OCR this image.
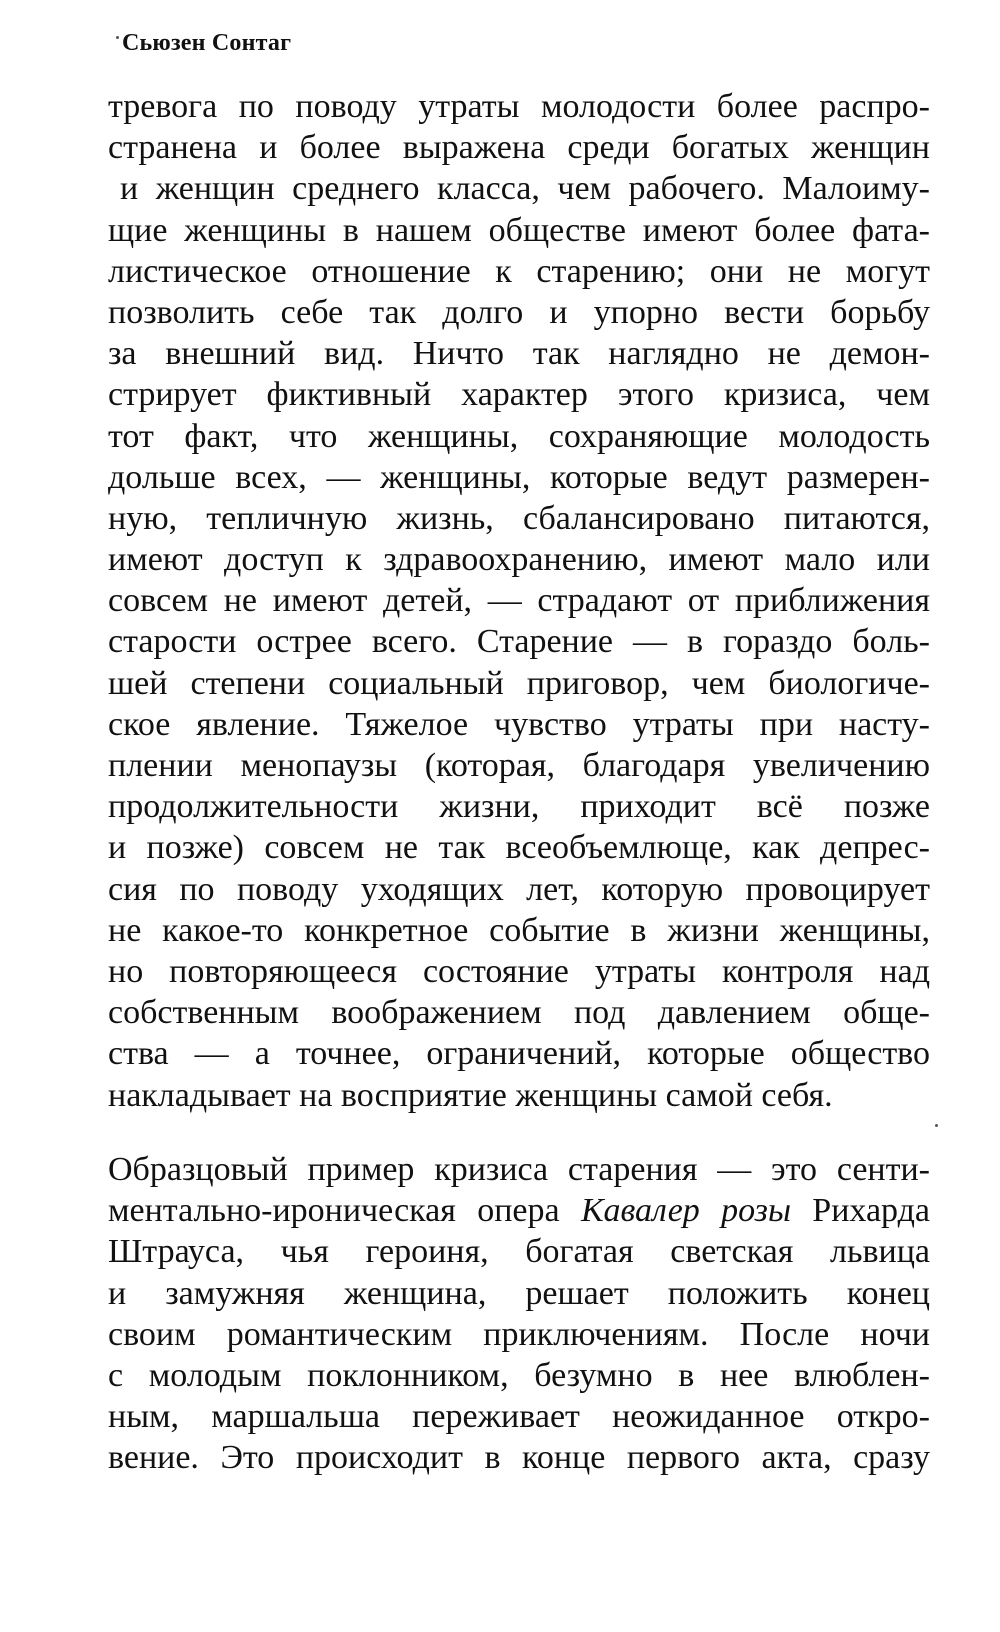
Сьюзен Сонтаг
тревога по поводу утраты молодости более распро-
странена и более выражена среди богатых женщин
и женщин среднего класса, чем рабочего. Малоиму-
щие женщины в нашем обществе имеют более фата-
листическое отношение к старению; они не могут
позволить себе так долго и упорно вести борьбу
за внешний вид. Ничто так наглядно не демон-
стрирует фиктивный характер этого кризиса, чем
тот факт, что женщины, сохраняющие молодость
дольше всех, — женщины, которые ведут размерен-
ную, тепличную жизнь, сбалансировано питаются,
имеют доступ к здравоохранению, имеют мало или
совсем не имеют детей, — страдают от приближения
старости острее всего. Старение — в гораздо боль-
шей степени социальный приговор, чем биологиче-
ское явление. Тяжелое чувство утраты при насту-
плении менопаузы (которая, благодаря увеличению
продолжительности жизни, приходит всё позже
и позже) совсем не так всеобъемлюще, как депрес-
сия по поводу уходящих лет, которую провоцирует
не какое-то конкретное событие в жизни женщины,
но повторяющееся состояние утраты контроля над
собственным воображением под давлением обще-
ства — а точнее, ограничений, которые общество
накладывает на восприятие женщины самой себя.
Образцовый пример кризиса старения — это сенти-
ментально-ироническая опера Кавалер розы Рихарда
Штрауса, чья героиня, богатая светская львица
и замужняя женщина, решает положить конец
своим романтическим приключениям. После ночи
с молодым поклонником, безумно в нее влюблен-
ным, маршальша переживает неожиданное откро-
вение. Это происходит в конце первого акта, сразу
